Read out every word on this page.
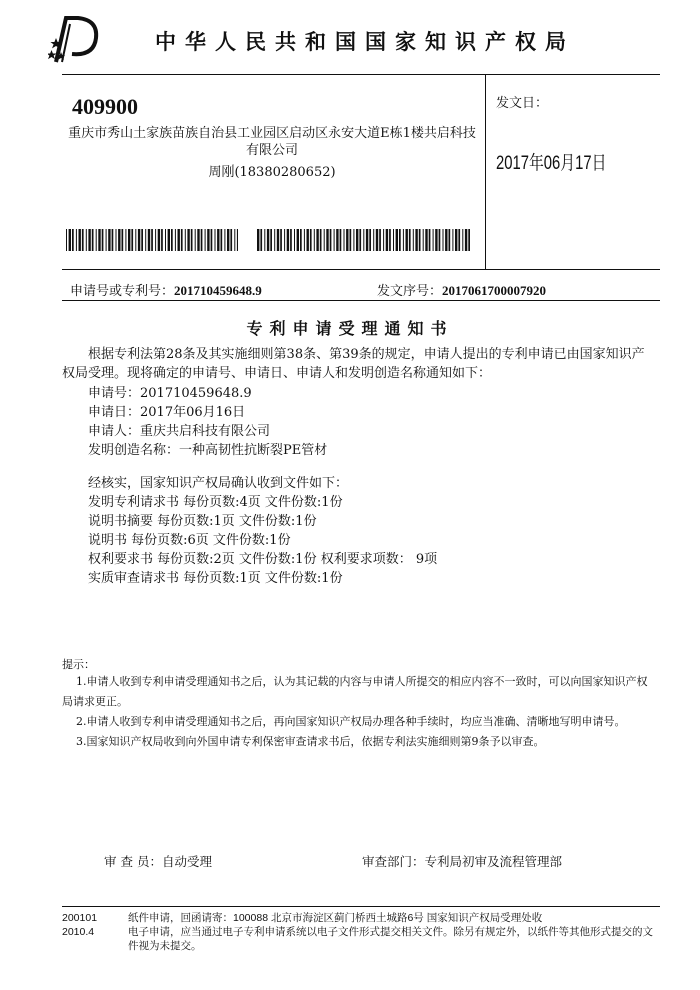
中华人民共和国国家知识产权局
409900
重庆市秀山土家族苗族自治县工业园区启动区永安大道E栋1楼共启科技有限公司
周刚(18380280652)
发文日：
2017年06月17日
申请号或专利号：201710459648.9	发文序号：2017061700007920
专利申请受理通知书
根据专利法第28条及其实施细则第38条、第39条的规定，申请人提出的专利申请已由国家知识产权局受理。现将确定的申请号、申请日、申请人和发明创造名称通知如下：
申请号：201710459648.9
申请日：2017年06月16日
申请人：重庆共启科技有限公司
发明创造名称：一种高韧性抗断裂PE管材
经核实，国家知识产权局确认收到文件如下：
发明专利请求书 每份页数:4页 文件份数:1份
说明书摘要 每份页数:1页 文件份数:1份
说明书 每份页数:6页 文件份数:1份
权利要求书 每份页数:2页 文件份数:1份 权利要求项数： 9项
实质审查请求书 每份页数:1页 文件份数:1份
提示：
1.申请人收到专利申请受理通知书之后，认为其记载的内容与申请人所提交的相应内容不一致时，可以向国家知识产权局请求更正。
2.申请人收到专利申请受理通知书之后，再向国家知识产权局办理各种手续时，均应当准确、清晰地写明申请号。
3.国家知识产权局收到向外国申请专利保密审查请求书后，依据专利法实施细则第9条予以审查。
审 查 员：自动受理	审查部门：专利局初审及流程管理部
200101	纸件申请，回函请寄：100088 北京市海淀区蓟门桥西土城路6号 国家知识产权局受理处收
2010.4	电子申请，应当通过电子专利申请系统以电子文件形式提交相关文件。除另有规定外，以纸件等其他形式提交的文件视为未提交。
